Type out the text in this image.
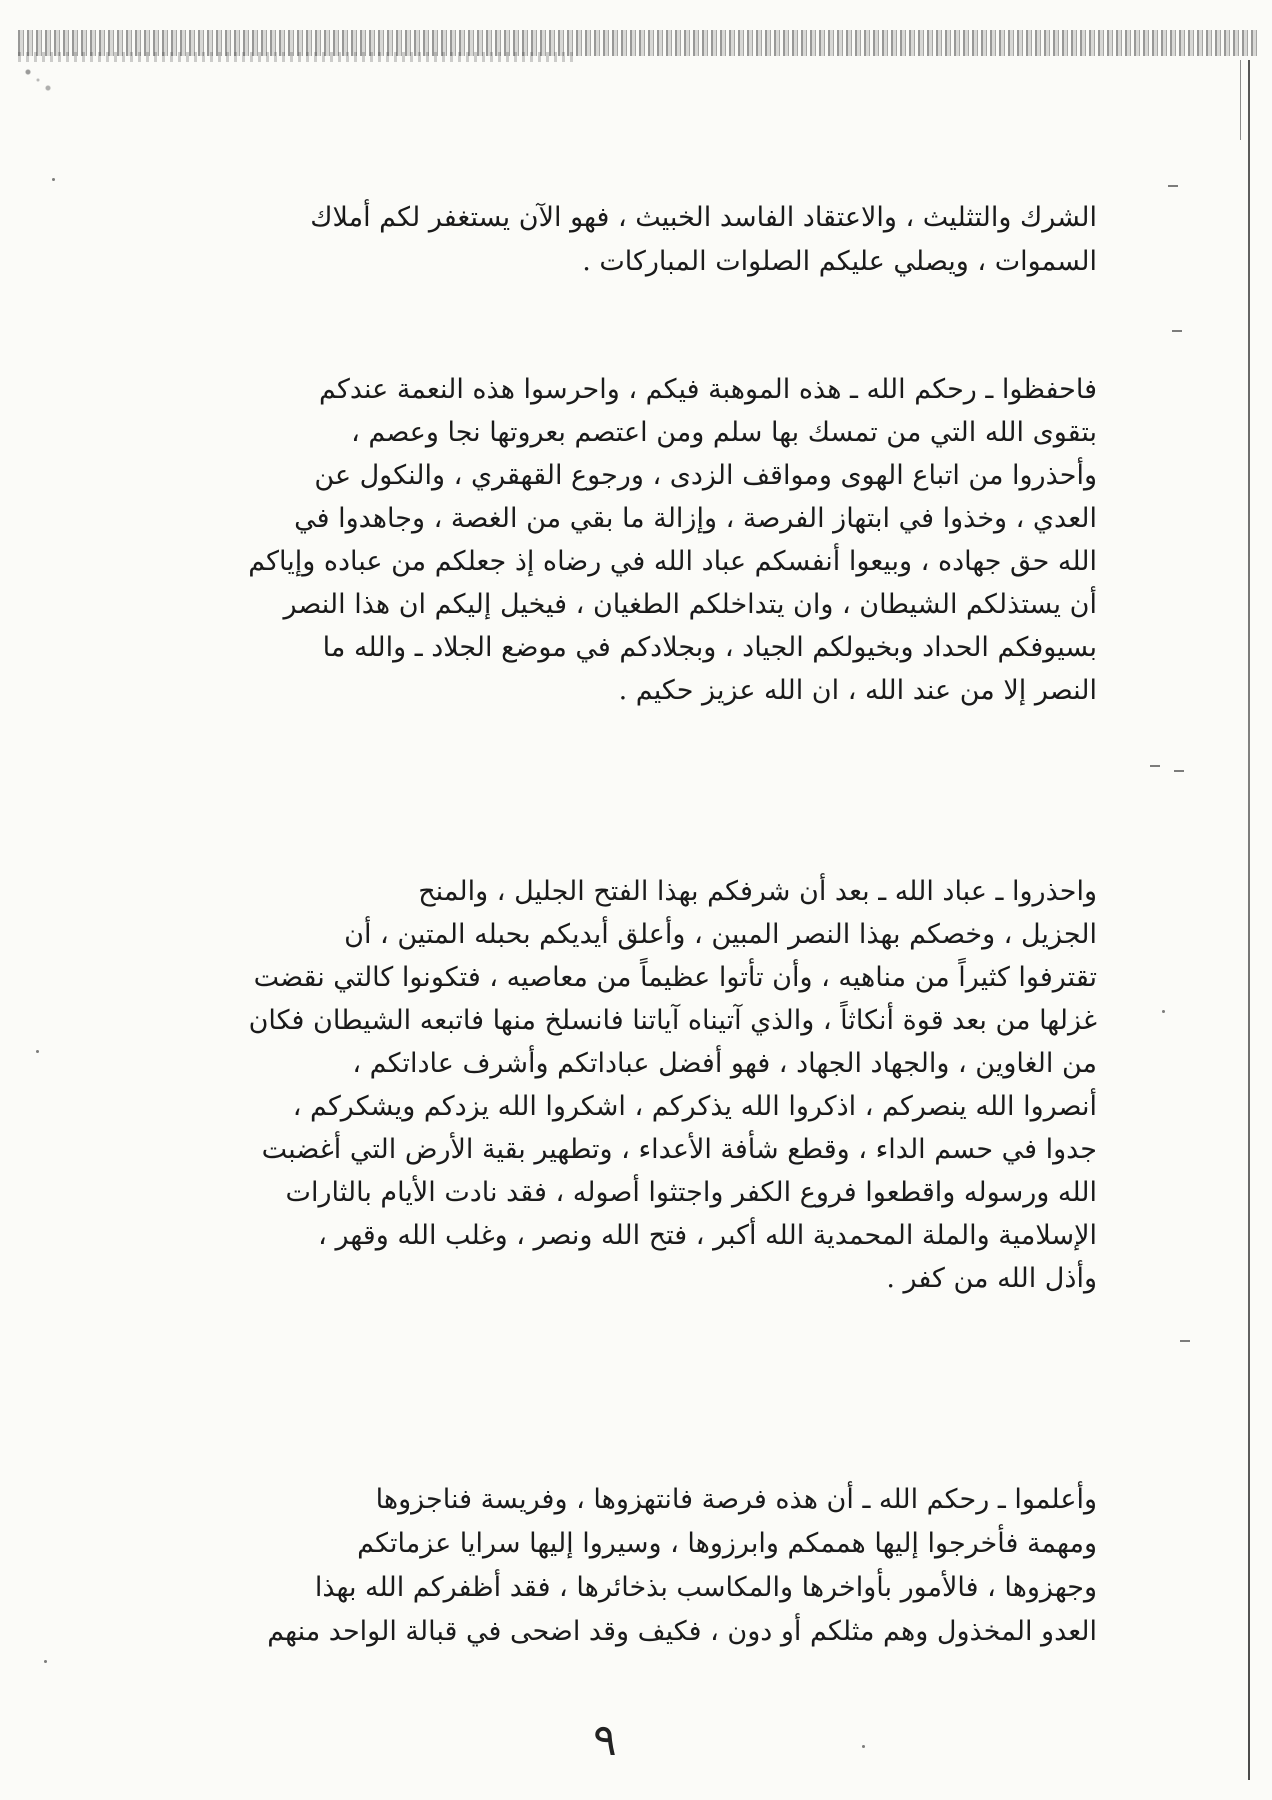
الشرك والتثليث ، والاعتقاد الفاسد الخبيث ، فهو الآن يستغفر لكم أملاك
السموات ، ويصلي عليكم الصلوات المباركات .
فاحفظوا ـ رحكم الله ـ هذه الموهبة فيكم ، واحرسوا هذه النعمة عندكم
بتقوى الله التي من تمسك بها سلم ومن اعتصم بعروتها نجا وعصم ،
وأحذروا من اتباع الهوى ومواقف الزدى ، ورجوع القهقري ، والنكول عن
العدي ، وخذوا في ابتهاز الفرصة ، وإزالة ما بقي من الغصة ، وجاهدوا في
الله حق جهاده ، وبيعوا أنفسكم عباد الله في رضاه إذ جعلكم من عباده وإياكم
أن يستذلكم الشيطان ، وان يتداخلكم الطغيان ، فيخيل إليكم ان هذا النصر
بسيوفكم الحداد وبخيولكم الجياد ، وبجلادكم في موضع الجلاد ـ والله ما
النصر إلا من عند الله ، ان الله عزيز حكيم .
واحذروا ـ عباد الله ـ بعد أن شرفكم بهذا الفتح الجليل ، والمنح
الجزيل ، وخصكم بهذا النصر المبين ، وأعلق أيديكم بحبله المتين ، أن
تقترفوا كثيراً من مناهيه ، وأن تأتوا عظيماً من معاصيه ، فتكونوا كالتي نقضت
غزلها من بعد قوة أنكاثاً ، والذي آتيناه آياتنا فانسلخ منها فاتبعه الشيطان فكان
من الغاوين ، والجهاد الجهاد ، فهو أفضل عباداتكم وأشرف عاداتكم ،
أنصروا الله ينصركم ، اذكروا الله يذكركم ، اشكروا الله يزدكم ويشكركم ،
جدوا في حسم الداء ، وقطع شأفة الأعداء ، وتطهير بقية الأرض التي أغضبت
الله ورسوله واقطعوا فروع الكفر واجتثوا أصوله ، فقد نادت الأيام بالثارات
الإسلامية والملة المحمدية الله أكبر ، فتح الله ونصر ، وغلب الله وقهر ،
وأذل الله من كفر .
وأعلموا ـ رحكم الله ـ أن هذه فرصة فانتهزوها ، وفريسة فناجزوها
ومهمة فأخرجوا إليها هممكم وابرزوها ، وسيروا إليها سرايا عزماتكم
وجهزوها ، فالأمور بأواخرها والمكاسب بذخائرها ، فقد أظفركم الله بهذا
العدو المخذول وهم مثلكم أو دون ، فكيف وقد اضحى في قبالة الواحد منهم
٩
